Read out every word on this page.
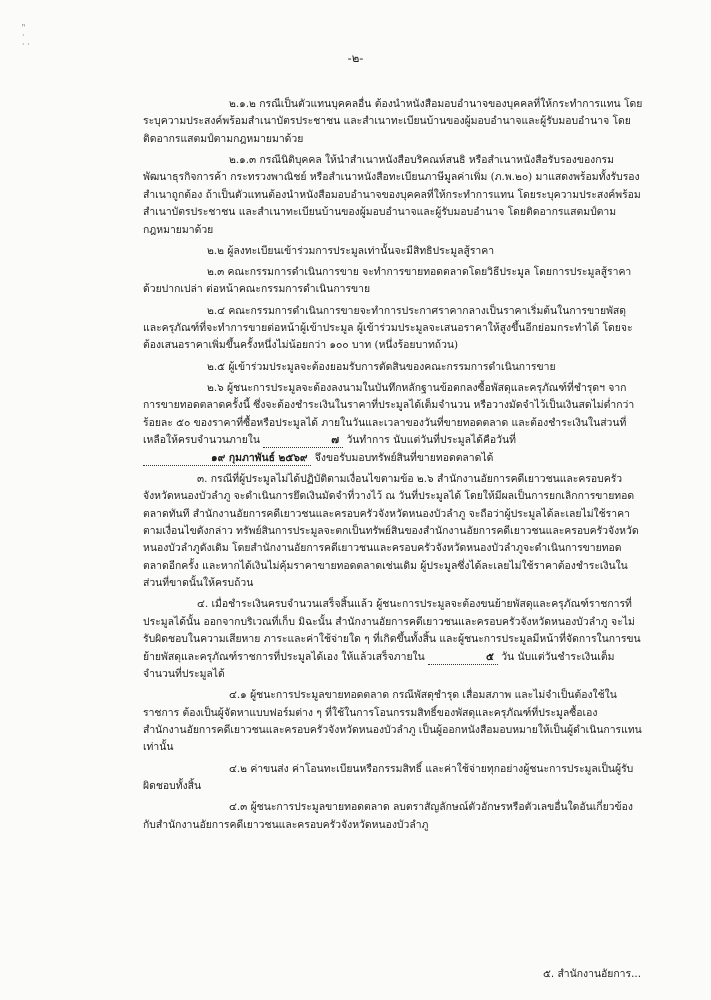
ⁿ
·
· ·
-๒-

๒.๑.๒ กรณีเป็นตัวแทนบุคคลอื่น ต้องนำหนังสือมอบอำนาจของบุคคลที่ให้กระทำการแทน โดยระบุความประสงค์พร้อมสำเนาบัตรประชาชน และสำเนาทะเบียนบ้านของผู้มอบอำนาจและผู้รับมอบอำนาจ โดยติดอากรแสตมป์ตามกฎหมายมาด้วย

๒.๑.๓ กรณีนิติบุคคล ให้นำสำเนาหนังสือบริคณห์สนธิ หรือสำเนาหนังสือรับรองของกรมพัฒนาธุรกิจการค้า กระทรวงพาณิชย์ หรือสำเนาหนังสือทะเบียนภาษีมูลค่าเพิ่ม (ภ.พ.๒๐) มาแสดงพร้อมทั้งรับรองสำเนาถูกต้อง ถ้าเป็นตัวแทนต้องนำหนังสือมอบอำนาจของบุคคลที่ให้กระทำการแทน โดยระบุความประสงค์พร้อมสำเนาบัตรประชาชน และสำเนาทะเบียนบ้านของผู้มอบอำนาจและผู้รับมอบอำนาจ โดยติดอากรแสตมป์ตามกฎหมายมาด้วย

๒.๒ ผู้ลงทะเบียนเข้าร่วมการประมูลเท่านั้นจะมีสิทธิประมูลสู้ราคา

๒.๓ คณะกรรมการดำเนินการขาย จะทำการขายทอดตลาดโดยวิธีประมูล โดยการประมูลสู้ราคาด้วยปากเปล่า ต่อหน้าคณะกรรมการดำเนินการขาย

๒.๔ คณะกรรมการดำเนินการขายจะทำการประกาศราคากลางเป็นราคาเริ่มต้นในการขายพัสดุและครุภัณฑ์ที่จะทำการขายต่อหน้าผู้เข้าประมูล ผู้เข้าร่วมประมูลจะเสนอราคาให้สูงขึ้นอีกย่อมกระทำได้ โดยจะต้องเสนอราคาเพิ่มขึ้นครั้งหนึ่งไม่น้อยกว่า ๑๐๐ บาท (หนึ่งร้อยบาทถ้วน)

๒.๕ ผู้เข้าร่วมประมูลจะต้องยอมรับการตัดสินของคณะกรรมการดำเนินการขาย

๒.๖ ผู้ชนะการประมูลจะต้องลงนามในบันทึกหลักฐานข้อตกลงซื้อพัสดุและครุภัณฑ์ที่ชำรุดฯ จากการขายทอดตลาดครั้งนี้ ซึ่งจะต้องชำระเงินในราคาที่ประมูลได้เต็มจำนวน หรือวางมัดจำไว้เป็นเงินสดไม่ต่ำกว่าร้อยละ ๕๐ ของราคาที่ซื้อหรือประมูลได้ ภายในวันและเวลาของวันที่ขายทอดตลาด และต้องชำระเงินในส่วนที่เหลือให้ครบจำนวนภายใน	๗ วันทำการ นับแต่วันที่ประมูลได้คือวันที่ ๑๙ กุมภาพันธ์ ๒๕๖๙ จึงขอรับมอบทรัพย์สินที่ขายทอดตลาดได้

๓. กรณีที่ผู้ประมูลไม่ได้ปฏิบัติตามเงื่อนไขตามข้อ ๒.๖ สำนักงานอัยการคดีเยาวชนและครอบครัวจังหวัดหนองบัวลำภู จะดำเนินการยึดเงินมัดจำที่วางไว้ ณ วันที่ประมูลได้ โดยให้มีผลเป็นการยกเลิกการขายทอดตลาดทันที สำนักงานอัยการคดีเยาวชนและครอบครัวจังหวัดหนองบัวลำภู จะถือว่าผู้ประมูลได้ละเลยไม่ใช้ราคาตามเงื่อนไขดังกล่าว ทรัพย์สินการประมูลจะตกเป็นทรัพย์สินของสำนักงานอัยการคดีเยาวชนและครอบครัวจังหวัดหนองบัวลำภูดังเดิม โดยสำนักงานอัยการคดีเยาวชนและครอบครัวจังหวัดหนองบัวลำภูจะดำเนินการขายทอดตลาดอีกครั้ง และหากได้เงินไม่คุ้มราคาขายทอดตลาดเช่นเดิม ผู้ประมูลซึ่งได้ละเลยไม่ใช้ราคาต้องชำระเงินในส่วนที่ขาดนั้นให้ครบถ้วน

๔. เมื่อชำระเงินครบจำนวนเสร็จสิ้นแล้ว ผู้ชนะการประมูลจะต้องขนย้ายพัสดุและครุภัณฑ์ราชการที่ประมูลได้นั้น ออกจากบริเวณที่เก็บ มิฉะนั้น สำนักงานอัยการคดีเยาวชนและครอบครัวจังหวัดหนองบัวลำภู จะไม่รับผิดชอบในความเสียหาย ภาระและค่าใช้จ่ายใด ๆ ที่เกิดขึ้นทั้งสิ้น และผู้ชนะการประมูลมีหน้าที่จัดการในการขนย้ายพัสดุและครุภัณฑ์ราชการที่ประมูลได้เอง ให้แล้วเสร็จภายใน	๕ วัน นับแต่วันชำระเงินเต็มจำนวนที่ประมูลได้

๔.๑ ผู้ชนะการประมูลขายทอดตลาด กรณีพัสดุชำรุด เสื่อมสภาพ และไม่จำเป็นต้องใช้ในราชการ ต้องเป็นผู้จัดหาแบบฟอร์มต่าง ๆ ที่ใช้ในการโอนกรรมสิทธิ์ของพัสดุและครุภัณฑ์ที่ประมูลซื้อเอง สำนักงานอัยการคดีเยาวชนและครอบครัวจังหวัดหนองบัวลำภู เป็นผู้ออกหนังสือมอบหมายให้เป็นผู้ดำเนินการแทนเท่านั้น

๔.๒ ค่าขนส่ง ค่าโอนทะเบียนหรือกรรมสิทธิ์ และค่าใช้จ่ายทุกอย่างผู้ชนะการประมูลเป็นผู้รับผิดชอบทั้งสิ้น

๔.๓ ผู้ชนะการประมูลขายทอดตลาด ลบตราสัญลักษณ์ตัวอักษรหรือตัวเลขอื่นใดอันเกี่ยวข้องกับสำนักงานอัยการคดีเยาวชนและครอบครัวจังหวัดหนองบัวลำภู

๕. สำนักงานอัยการ...
